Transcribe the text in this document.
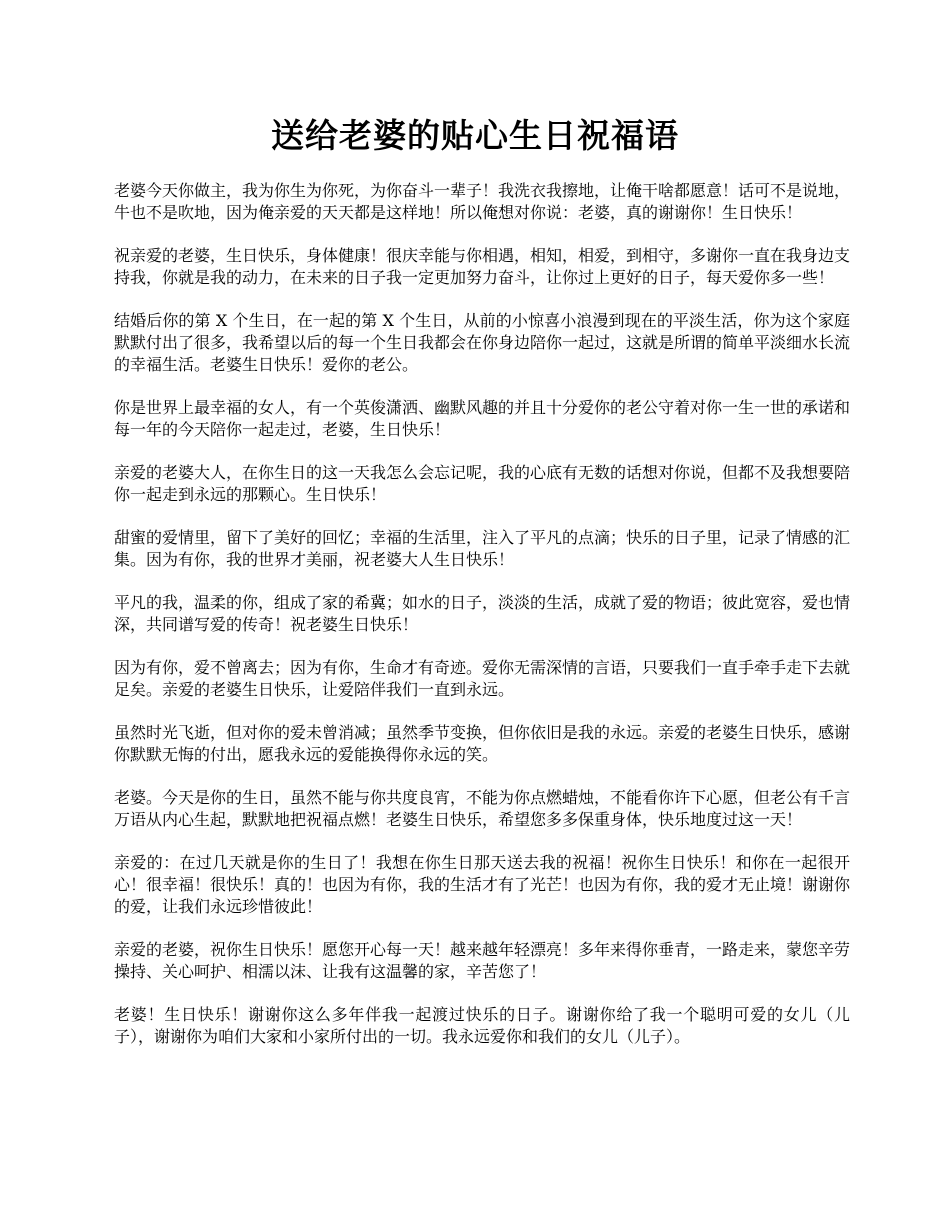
送给老婆的贴心生日祝福语

老婆今天你做主，我为你生为你死，为你奋斗一辈子！我洗衣我擦地，让俺干啥都愿意！话可不是说地，牛也不是吹地，因为俺亲爱的天天都是这样地！所以俺想对你说：老婆，真的谢谢你！生日快乐！

祝亲爱的老婆，生日快乐，身体健康！很庆幸能与你相遇，相知，相爱，到相守，多谢你一直在我身边支持我，你就是我的动力，在未来的日子我一定更加努力奋斗，让你过上更好的日子，每天爱你多一些！

结婚后你的第 X 个生日，在一起的第 X 个生日，从前的小惊喜小浪漫到现在的平淡生活，你为这个家庭默默付出了很多，我希望以后的每一个生日我都会在你身边陪你一起过，这就是所谓的简单平淡细水长流的幸福生活。老婆生日快乐！爱你的老公。

你是世界上最幸福的女人，有一个英俊潇洒、幽默风趣的并且十分爱你的老公守着对你一生一世的承诺和每一年的今天陪你一起走过，老婆，生日快乐！

亲爱的老婆大人，在你生日的这一天我怎么会忘记呢，我的心底有无数的话想对你说，但都不及我想要陪你一起走到永远的那颗心。生日快乐！

甜蜜的爱情里，留下了美好的回忆；幸福的生活里，注入了平凡的点滴；快乐的日子里，记录了情感的汇集。因为有你，我的世界才美丽，祝老婆大人生日快乐！

平凡的我，温柔的你，组成了家的希冀；如水的日子，淡淡的生活，成就了爱的物语；彼此宽容，爱也情深，共同谱写爱的传奇！祝老婆生日快乐！

因为有你，爱不曾离去；因为有你，生命才有奇迹。爱你无需深情的言语，只要我们一直手牵手走下去就足矣。亲爱的老婆生日快乐，让爱陪伴我们一直到永远。

虽然时光飞逝，但对你的爱未曾消减；虽然季节变换，但你依旧是我的永远。亲爱的老婆生日快乐，感谢你默默无悔的付出，愿我永远的爱能换得你永远的笑。

老婆。今天是你的生日，虽然不能与你共度良宵，不能为你点燃蜡烛，不能看你许下心愿，但老公有千言万语从内心生起，默默地把祝福点燃！老婆生日快乐，希望您多多保重身体，快乐地度过这一天！

亲爱的：在过几天就是你的生日了！我想在你生日那天送去我的祝福！祝你生日快乐！和你在一起很开心！很幸福！很快乐！真的！也因为有你，我的生活才有了光芒！也因为有你，我的爱才无止境！谢谢你的爱，让我们永远珍惜彼此！

亲爱的老婆，祝你生日快乐！愿您开心每一天！越来越年轻漂亮！多年来得你垂青，一路走来，蒙您辛劳操持、关心呵护、相濡以沫、让我有这温馨的家，辛苦您了！

老婆！生日快乐！谢谢你这么多年伴我一起渡过快乐的日子。谢谢你给了我一个聪明可爱的女儿（儿子），谢谢你为咱们大家和小家所付出的一切。我永远爱你和我们的女儿（儿子）。
